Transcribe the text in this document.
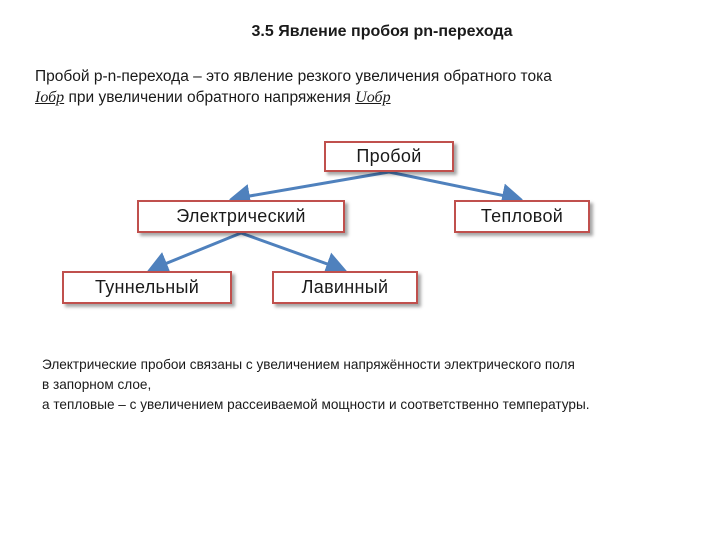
3.5 Явление пробоя pn-перехода
Пробой р-n-перехода – это явление резкого увеличения обратного тока
Iобр при увеличении обратного напряжения Uобр
Пробой
Электрический	Тепловой
Туннельный	Лавинный
Электрические пробои связаны с увеличением напряжённости электрического поля
в запорном слое,
а тепловые – с увеличением рассеиваемой мощности и соответственно температуры.
